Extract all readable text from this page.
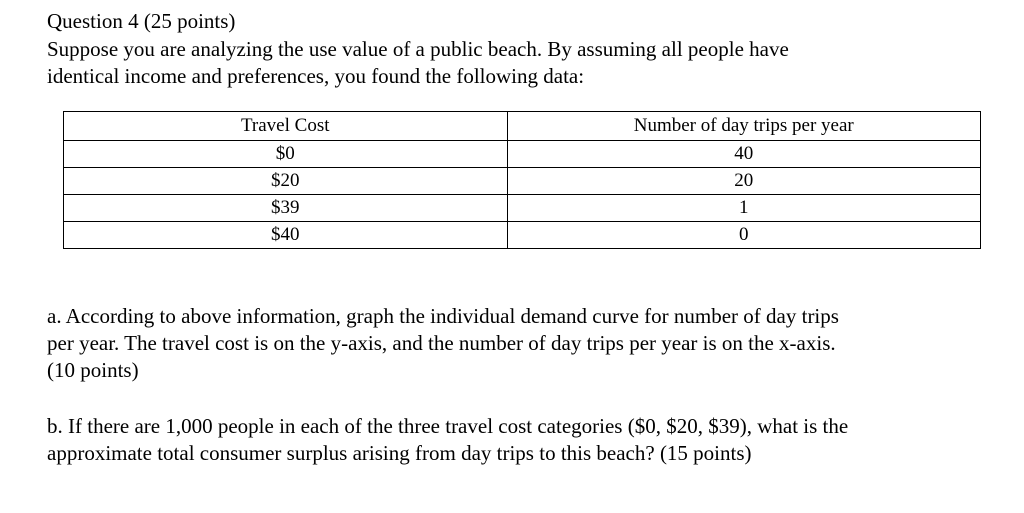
Question 4 (25 points)

Suppose you are analyzing the use value of a public beach. By assuming all people have
identical income and preferences, you found the following data:

Travel Cost	Number of day trips per year
$0	40
$20	20
$39	1
$40	0

a. According to above information, graph the individual demand curve for number of day trips
per year. The travel cost is on the y-axis, and the number of day trips per year is on the x-axis.
(10 points)

b. If there are 1,000 people in each of the three travel cost categories ($0, $20, $39), what is the
approximate total consumer surplus arising from day trips to this beach? (15 points)
